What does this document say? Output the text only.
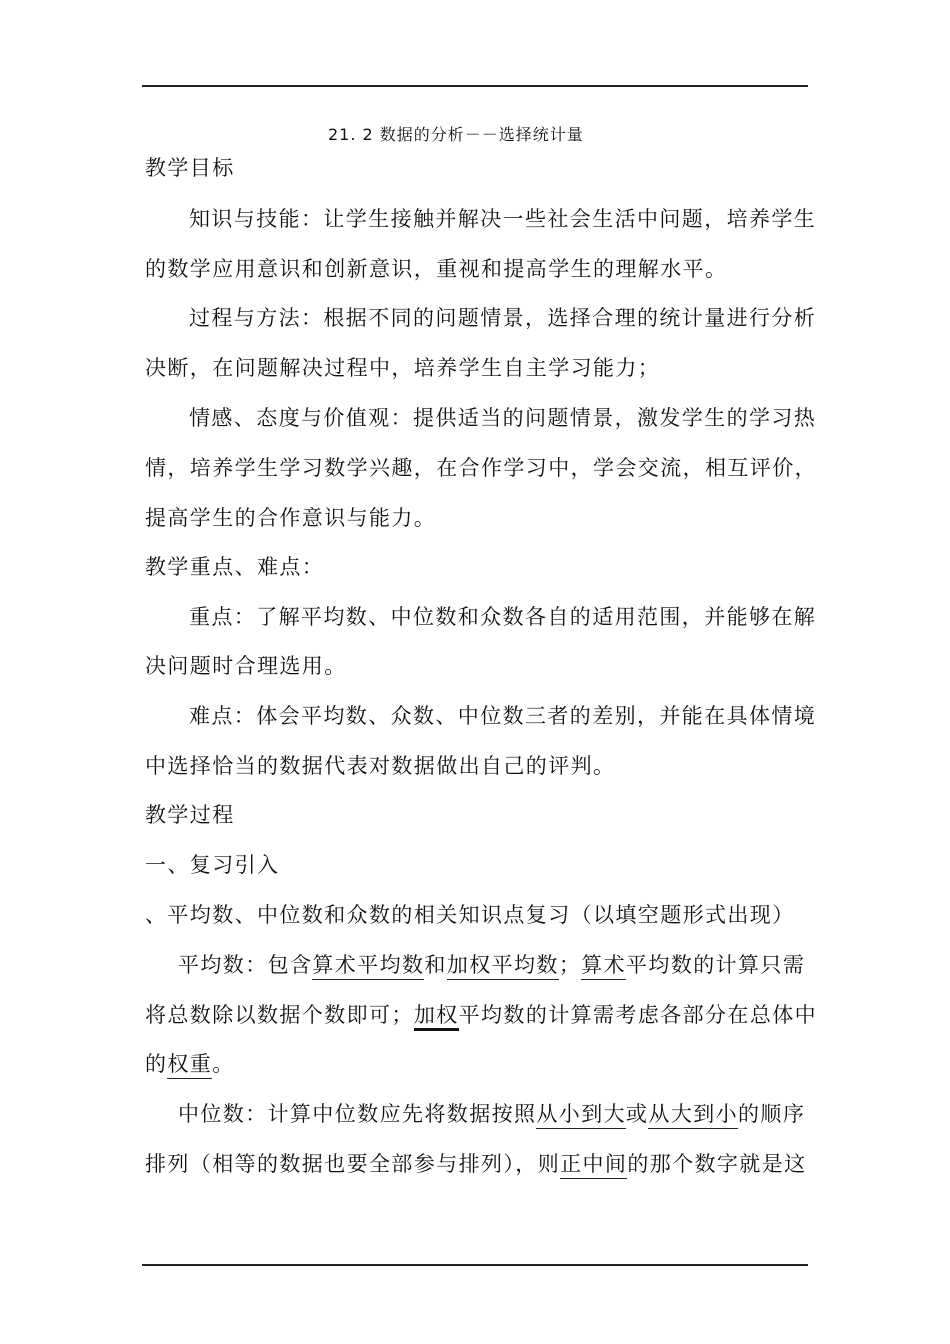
21. 2 数据的分析－－选择统计量
教学目标
知识与技能：让学生接触并解决一些社会生活中问题，培养学生
的数学应用意识和创新意识，重视和提高学生的理解水平。
过程与方法：根据不同的问题情景，选择合理的统计量进行分析
决断，在问题解决过程中，培养学生自主学习能力；
情感、态度与价值观：提供适当的问题情景，激发学生的学习热
情，培养学生学习数学兴趣，在合作学习中，学会交流，相互评价，
提高学生的合作意识与能力。
教学重点、难点：
重点：了解平均数、中位数和众数各自的适用范围，并能够在解
决问题时合理选用。
难点：体会平均数、众数、中位数三者的差别，并能在具体情境
中选择恰当的数据代表对数据做出自己的评判。
教学过程
一、复习引入
、平均数、中位数和众数的相关知识点复习（以填空题形式出现）
平均数：包含算术平均数和加权平均数；算术平均数的计算只需
将总数除以数据个数即可；加权平均数的计算需考虑各部分在总体中
的权重。
中位数：计算中位数应先将数据按照从小到大或从大到小的顺序
排列（相等的数据也要全部参与排列），则正中间的那个数字就是这
